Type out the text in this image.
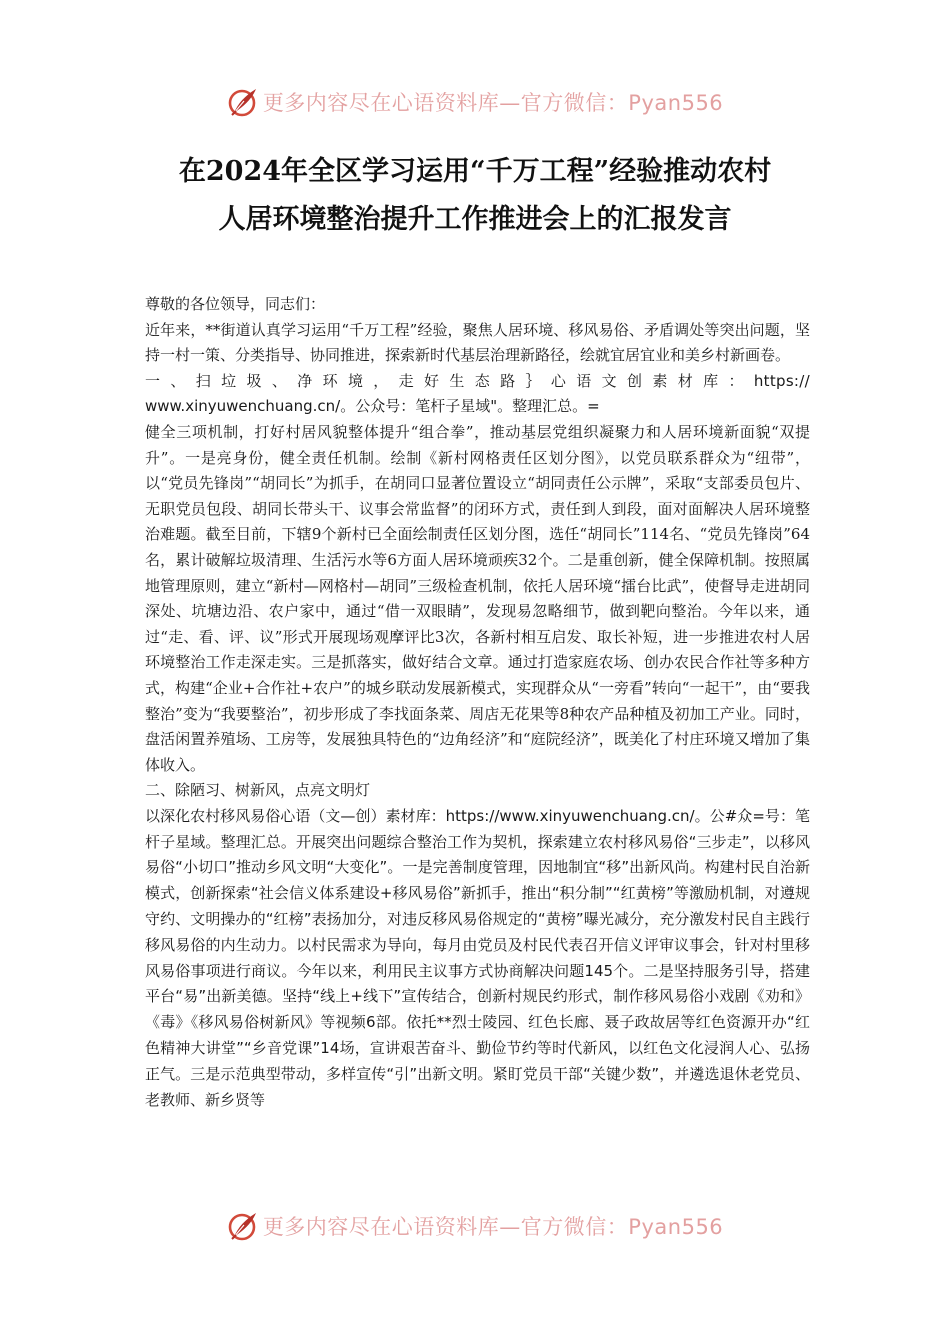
更多内容尽在心语资料库—官方微信：Pyan556
在2024年全区学习运用“千万工程”经验推动农村
人居环境整治提升工作推进会上的汇报发言

尊敬的各位领导，同志们：

近年来，**街道认真学习运用“千万工程”经验，聚焦人居环境、移风易俗、矛盾调处等突出问题，坚持一村一策、分类指导、协同推进，探索新时代基层治理新路径，绘就宜居宜业和美乡村新画卷。

一、扫垃圾、净环境，走好生态路｝心语文创素材库：https://

www.xinyuwenchuang.cn/。公众号：笔杆子星域"。整理汇总。=

健全三项机制，打好村居风貌整体提升“组合拳”，推动基层党组织凝聚力和人居环境新面貌“双提升”。一是亮身份，健全责任机制。绘制《新村网格责任区划分图》，以党员联系群众为“纽带”，以“党员先锋岗”“胡同长”为抓手，在胡同口显著位置设立“胡同责任公示牌”，采取“支部委员包片、无职党员包段、胡同长带头干、议事会常监督”的闭环方式，责任到人到段，面对面解决人居环境整治难题。截至目前，下辖9个新村已全面绘制责任区划分图，选任“胡同长”114名、“党员先锋岗”64名，累计破解垃圾清理、生活污水等6方面人居环境顽疾32个。二是重创新，健全保障机制。按照属地管理原则，建立“新村—网格村—胡同”三级检查机制，依托人居环境“擂台比武”，使督导走进胡同深处、坑塘边沿、农户家中，通过“借一双眼睛”，发现易忽略细节，做到靶向整治。今年以来，通过“走、看、评、议”形式开展现场观摩评比3次，各新村相互启发、取长补短，进一步推进农村人居环境整治工作走深走实。三是抓落实，做好结合文章。通过打造家庭农场、创办农民合作社等多种方式，构建“企业+合作社+农户”的城乡联动发展新模式，实现群众从“一旁看”转向“一起干”，由“要我整治”变为“我要整治”，初步形成了李找面条菜、周店无花果等8种农产品种植及初加工产业。同时，盘活闲置养殖场、工房等，发展独具特色的“边角经济”和“庭院经济”，既美化了村庄环境又增加了集体收入。

二、除陋习、树新风，点亮文明灯

以深化农村移风易俗心语（文—创）素材库：https://www.xinyuwenchuang.cn/。公#众=号：笔杆子星域。整理汇总。开展突出问题综合整治工作为契机，探索建立农村移风易俗“三步走”，以移风易俗“小切口”推动乡风文明“大变化”。一是完善制度管理，因地制宜“移”出新风尚。构建村民自治新模式，创新探索“社会信义体系建设+移风易俗”新抓手，推出“积分制”“红黄榜”等激励机制，对遵规守约、文明操办的“红榜”表扬加分，对违反移风易俗规定的“黄榜”曝光减分，充分激发村民自主践行移风易俗的内生动力。以村民需求为导向，每月由党员及村民代表召开信义评审议事会，针对村里移风易俗事项进行商议。今年以来，利用民主议事方式协商解决问题145个。二是坚持服务引导，搭建平台“易”出新美德。坚持“线上+线下”宣传结合，创新村规民约形式，制作移风易俗小戏剧《劝和》《毒》《移风易俗树新风》等视频6部。依托**烈士陵园、红色长廊、聂子政故居等红色资源开办“红色精神大讲堂”“乡音党课”14场，宣讲艰苦奋斗、勤俭节约等时代新风，以红色文化浸润人心、弘扬正气。三是示范典型带动，多样宣传“引”出新文明。紧盯党员干部“关键少数”，并遴选退休老党员、老教师、新乡贤等

更多内容尽在心语资料库—官方微信：Pyan556
